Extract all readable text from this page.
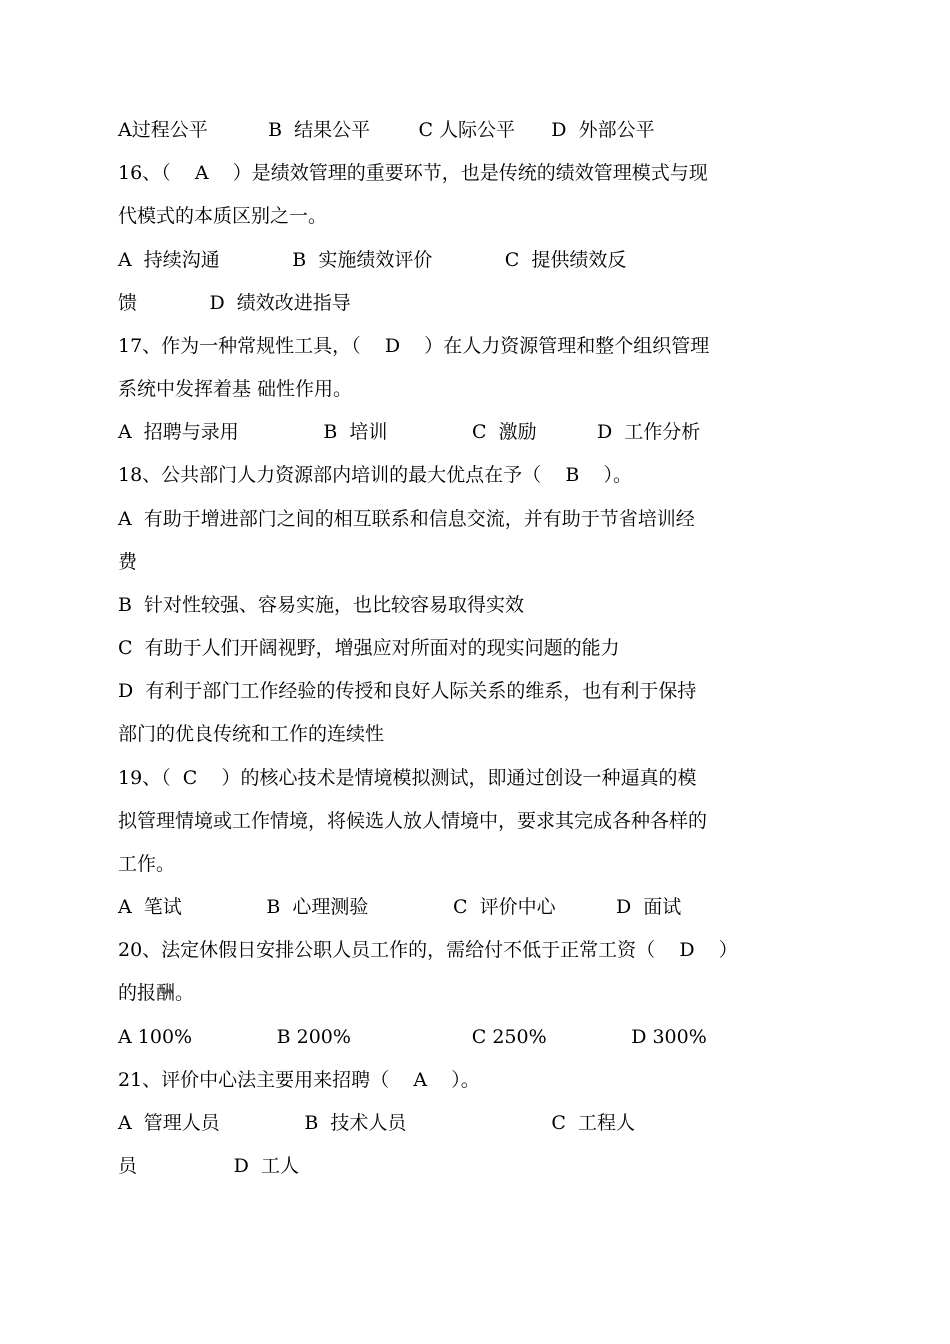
A过程公平          B  结果公平        C 人际公平      D  外部公平
16、（    A    ）是绩效管理的重要环节，也是传统的绩效管理模式与现
代模式的本质区别之一。
A  持续沟通            B  实施绩效评价            C  提供绩效反
馈            D  绩效改进指导
17、作为一种常规性工具，（    D    ）在人力资源管理和整个组织管理
系统中发挥着基 础性作用。
A  招聘与录用              B  培训              C  激励          D  工作分析
18、公共部门人力资源部内培训的最大优点在予（    B    ）。
A  有助于增进部门之间的相互联系和信息交流，并有助于节省培训经
费
B  针对性较强、容易实施，也比较容易取得实效
C  有助于人们开阔视野，增强应对所面对的现实问题的能力
D  有利于部门工作经验的传授和良好人际关系的维系，也有利于保持
部门的优良传统和工作的连续性
19、（  C    ）的核心技术是情境模拟测试，即通过创设一种逼真的模
拟管理情境或工作情境，将候选人放人情境中，要求其完成各种各样的
工作。
A  笔试              B  心理测验              C  评价中心          D  面试
20、法定休假日安排公职人员工作的，需给付不低于正常工资（    D    ）
的报酬。
A 100%              B 200%                    C 250%              D 300%
21、评价中心法主要用来招聘（    A    ）。
A  管理人员              B  技术人员                        C  工程人
员                D  工人
